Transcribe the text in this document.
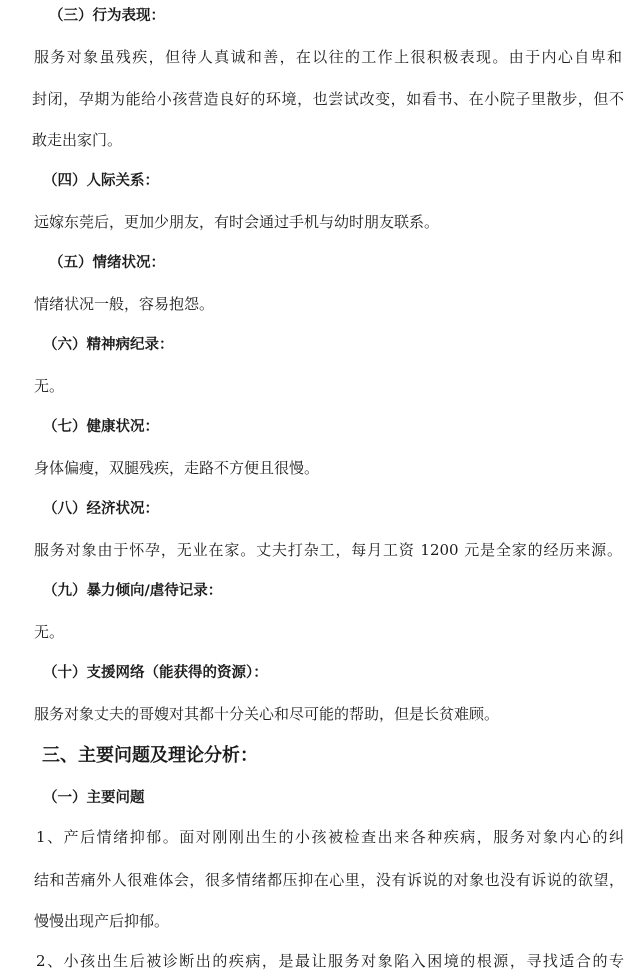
（三）行为表现：
服务对象虽残疾，但待人真诚和善，在以往的工作上很积极表现。由于内心自卑和
封闭，孕期为能给小孩营造良好的环境，也尝试改变，如看书、在小院子里散步，但不
敢走出家门。
（四）人际关系：
远嫁东莞后，更加少朋友，有时会通过手机与幼时朋友联系。
（五）情绪状况：
情绪状况一般，容易抱怨。
（六）精神病纪录：
无。
（七）健康状况：
身体偏瘦，双腿残疾，走路不方便且很慢。
（八）经济状况：
服务对象由于怀孕，无业在家。丈夫打杂工，每月工资 1200 元是全家的经历来源。
（九）暴力倾向/虐待记录：
无。
（十）支援网络（能获得的资源）：
服务对象丈夫的哥嫂对其都十分关心和尽可能的帮助，但是长贫难顾。
三、主要问题及理论分析：
（一）主要问题
1、产后情绪抑郁。面对刚刚出生的小孩被检查出来各种疾病，服务对象内心的纠
结和苦痛外人很难体会，很多情绪都压抑在心里，没有诉说的对象也没有诉说的欲望，
慢慢出现产后抑郁。
2、小孩出生后被诊断出的疾病，是最让服务对象陷入困境的根源，寻找适合的专
